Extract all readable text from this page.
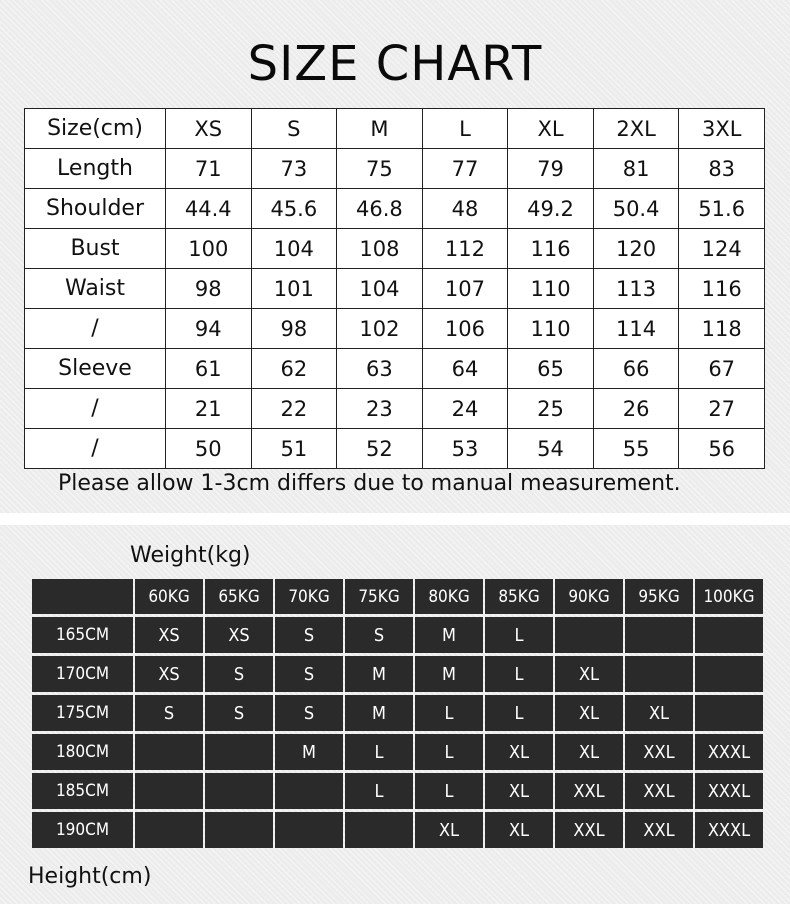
SIZE CHART
Size(cm)	XS	S	M	L	XL	2XL	3XL
Length	71	73	75	77	79	81	83
Shoulder	44.4	45.6	46.8	48	49.2	50.4	51.6
Bust	100	104	108	112	116	120	124
Waist	98	101	104	107	110	113	116
/	94	98	102	106	110	114	118
Sleeve	61	62	63	64	65	66	67
/	21	22	23	24	25	26	27
/	50	51	52	53	54	55	56
Please allow 1-3cm differs due to manual measurement.
Weight(kg)
	60KG	65KG	70KG	75KG	80KG	85KG	90KG	95KG	100KG
165CM	XS	XS	S	S	M	L			
170CM	XS	S	S	M	M	L	XL		
175CM	S	S	S	M	L	L	XL	XL	
180CM			M	L	L	XL	XL	XXL	XXXL
185CM				L	L	XL	XXL	XXL	XXXL
190CM					XL	XL	XXL	XXL	XXXL
Height(cm)
